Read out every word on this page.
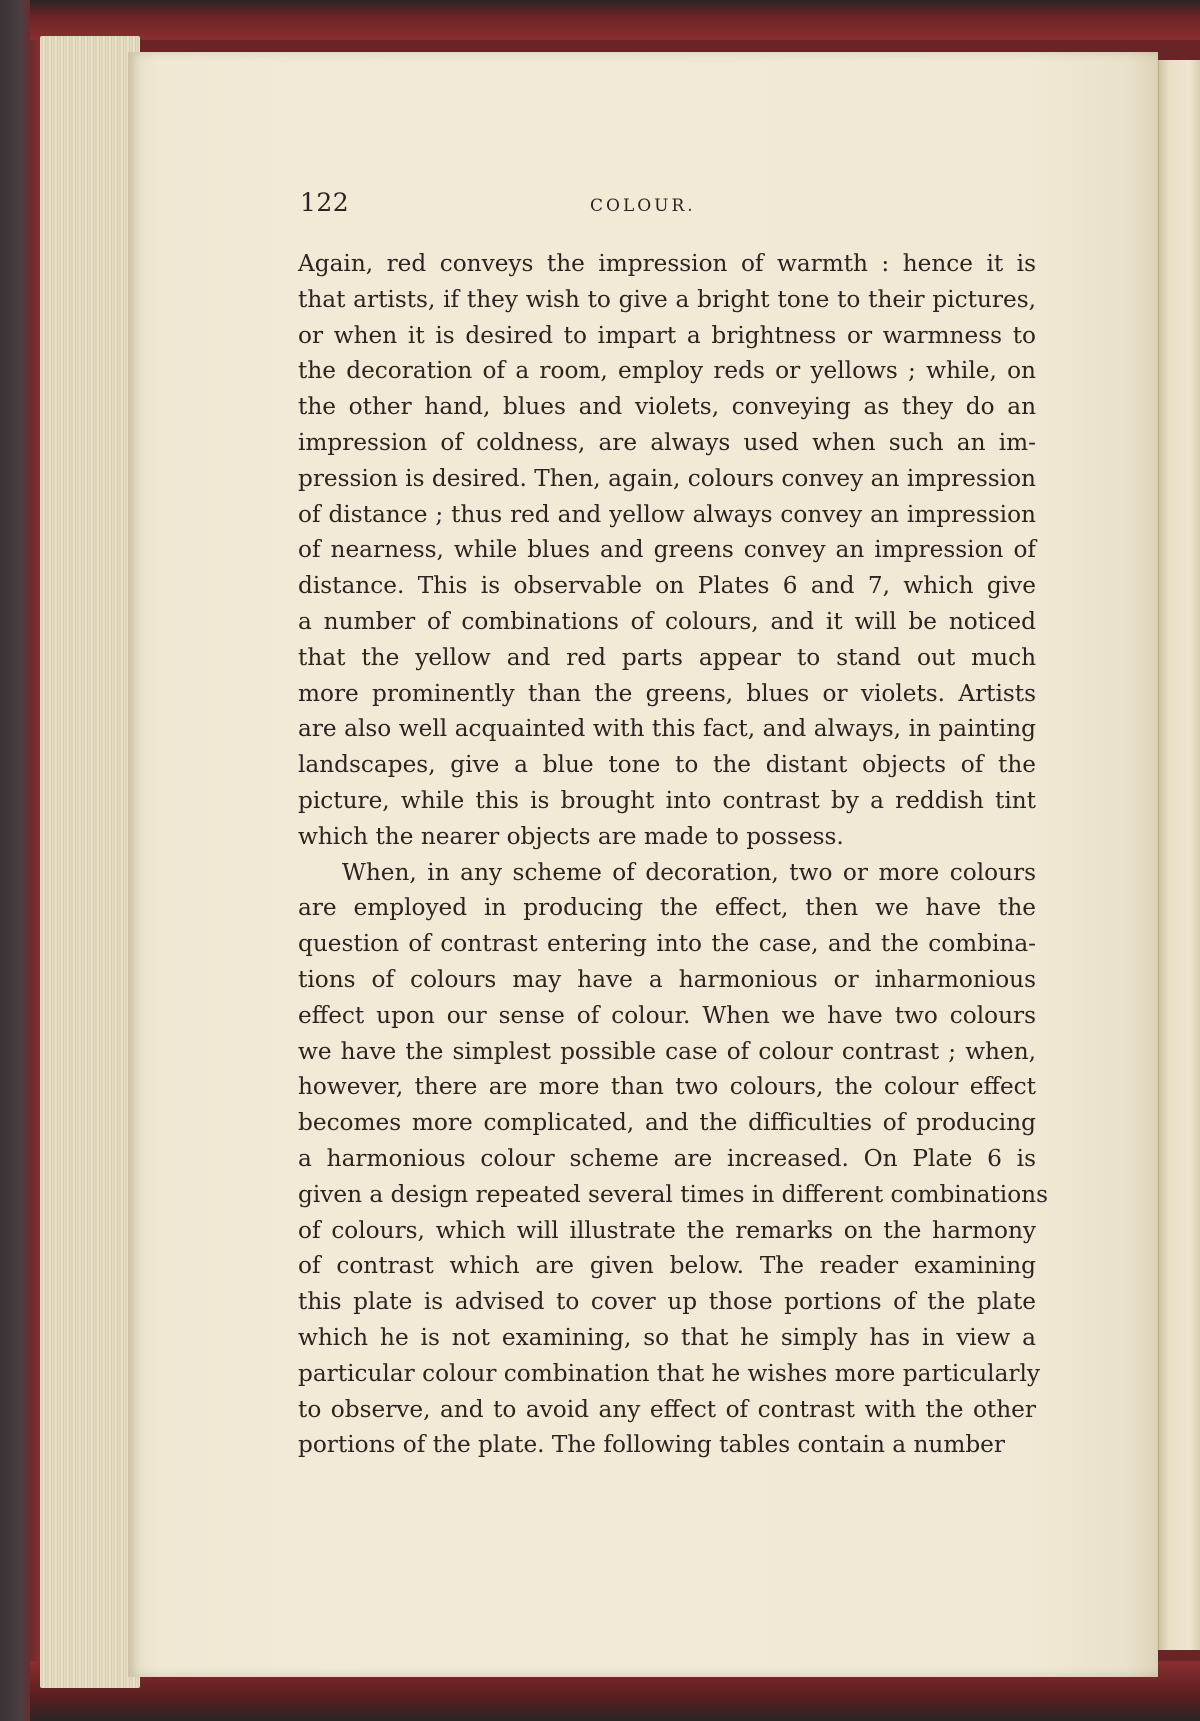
122	COLOUR.

Again, red conveys the impression of warmth : hence it is
that artists, if they wish to give a bright tone to their pictures,
or when it is desired to impart a brightness or warmness to
the decoration of a room, employ reds or yellows ; while, on
the other hand, blues and violets, conveying as they do an
impression of coldness, are always used when such an im-
pression is desired. Then, again, colours convey an impression
of distance ; thus red and yellow always convey an impression
of nearness, while blues and greens convey an impression of
distance. This is observable on Plates 6 and 7, which give
a number of combinations of colours, and it will be noticed
that the yellow and red parts appear to stand out much
more prominently than the greens, blues or violets. Artists
are also well acquainted with this fact, and always, in painting
landscapes, give a blue tone to the distant objects of the
picture, while this is brought into contrast by a reddish tint
which the nearer objects are made to possess.

When, in any scheme of decoration, two or more colours
are employed in producing the effect, then we have the
question of contrast entering into the case, and the combina-
tions of colours may have a harmonious or inharmonious
effect upon our sense of colour. When we have two colours
we have the simplest possible case of colour contrast ; when,
however, there are more than two colours, the colour effect
becomes more complicated, and the difficulties of producing
a harmonious colour scheme are increased. On Plate 6 is
given a design repeated several times in different combinations
of colours, which will illustrate the remarks on the harmony
of contrast which are given below. The reader examining
this plate is advised to cover up those portions of the plate
which he is not examining, so that he simply has in view a
particular colour combination that he wishes more particularly
to observe, and to avoid any effect of contrast with the other
portions of the plate. The following tables contain a number
